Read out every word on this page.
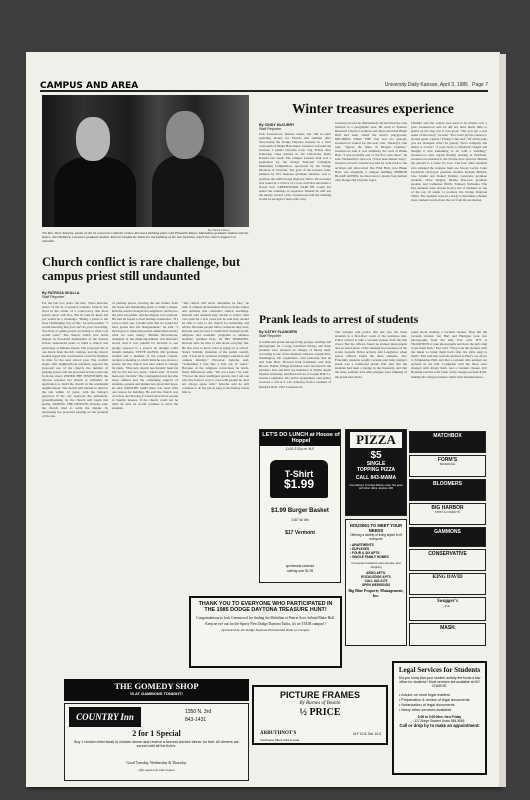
CAMPUS AND AREA	University Daily Kansan, April 3, 1985 Page 7
By David Kelsey
The Rev. Vince Krische, pastor of the St. Lawrence Catholic Center, discusses building plans with Elizabeth Mayer, Manhattan graduate student and her fiance, Joel Paddock, Lawrence graduate student. Krische headed the battle for the building of the new facilities, which the church league is to maintain.
Church conflict is rare challenge, but campus priest still undaunted
By PATRICIA SKALLA
Staff Reporter
For the last two years, the Rev. Vince Krische, pastor of the St. Lawrence Catholic Church, has lived in the center of a controversy that most priests never will face. But he said he knew his job would be a challenge. "Being a priest is the most challenging way of life," he said recently. "I would knowing that you can't do your own thing. You have to guide people according to what God would want." The church, which now holds masses in Woodruff Auditorium of the Kansas Union, announced plans to build a church and parsonage at Indiana streets. The proposed site is one block from the KU campus, and the church leaders hoped that construction would be finished in time for the next school year. The conflict began after neighborhood residents opposed the proposed use of the church, the number of parking spaces and the proposed access to the site from the street. UNDER THE INVENTORY, the diocese reached last month to withdraw its application to build the church in the residential neighborhood. The church still intends to build at the site within 12 years, with the bishop's approval. If the city approves the settlement, groundbreaking for the church will begin this spring. DURING THE DISPUTE, Krische said, the church tried to settle the dispute by decreasing the proposed parking on the grounds of the site.
of parking places, moving the site farther from the street and eliminating plans to build a chapel. Krische said he thought the neighbors' reaction to the plan was unfair, and the dispute was resolved. He said he hoped to heal feelings somewhat. "If I were to hate one, I would wish that we would not have gotten into the disagreement," he said. "I had hoped to think that people understand exactly what we were doing." Marilee Brownstone, chairman of the multi-department and Krische's board, said it was painful for Krische to see people opposed to a project he thought could benefit students. STEVE ALESSI, KU graduate student and a member of the parish council, recalled a meeting at which Krische was shown a poster, but the church was later asked to change its plans. "This new church has literally been his life for the last two years," Alessi said. "It hasn't been easy for him." The congregation has become more unified and the continuing support of students, parents and alumni has given him hope, he said. KRISCHE SAID there was more than one reason for building. He said the church was crowded, and moving it would serve more people at Sunday masses. If the church could not be built, he said, he would continue to serve the students.
"The church will never determine its fate," he said. A campus environment often provides values and opinions that contradict church teachings. Krische said students may decide to follow their own path for a few years but he said they should be able to turn to the church for leadership and advice. Because people follow someone they trust, Krische said, he tries to build trust through social, religious and academic programs to enhance students' spiritual lives. IN HIS SERMONS, Krische said, he tries to talk about everyday life. He also tries to know what is going on at school. Nancy Schmitt, chairman of the parish council, said, "I feel he is a pioneer in higher education and campus ministry." However, Krische said, "Sometimes I feel like a fish out of water." Because of the religious convictions he holds, many differences arise. "I'm not a hero," he said. "I'm not the most intelligent person, but I am one who has found a way to cope with people he does not always agree with." Krische said he will continue to do his job as long as the bishop wants him to.
Winter treasures experience
By CINDY McCURRY
Staff Reporter
Jack Greenwood, Denver senior, has 100 in extra spending money for Florida this summer after discovering the Dodge Daytona treasure in a river wall south of Blake Hall annex. Greenwood found the treasure, a plastic Chrysler Corp. bag, Friday after following clues printed in the University Daily Kansan last week. The campus treasure hunt was a promotion by the Dodge National Collegiate Marketing Competition, sponsored by the Dodge Division of Chrysler. The goal of the treasure hunt, planned by five business graduate students, was to promote the 1985 Dodge Daytona Turbo. The treasure was found in a crevice of a rock wall that surrounds a flower bed. GREENWOOD SAID HE would not spend the winnings as expected. Instead he will use the money toward a trip. Greenwood said the winning would be enough to help with a trip.
Greenwood said he immediately decided that the clue referred to a geographic area. He went to Spencer Research Library's archives and discovered that Blake Hall had been called the devil's playground. DECIDING THAT THE clue was too general, Greenwood waited for the next clue. Tuesday's clue said, "Ignore the lilies of Blayser Grenley." Greenwood said it was definitely the wall of Blake Hall. "I was probably one of the first ones there," he said. Wednesday's clue was "It has been buried away," Greenwood said. Greenwood said he went back to the archives and discovered that Flint Hall, now Blake Hall, was originally a campus building. BEHIND BLAKE ANNEX, he discovered a plastic bag marked with Dodge and Chrysler logos.
Palumbi said the walled area used to be turned over a year. Greenwood said he did not have much time to spend on the bag, but it was good. "Oh, you get a real sense of discovery," he said. "You won't get the chance to do that again, I guess." Friday's clue said, "Of all the pain you are strongest. Don't be greedy. Two's company and three's a crowd." "I went back to Danforth Chapel and thought it had something to do with a wedding," Greenwood said. Again finding nothing at Danforth, Greenwood returned to the Prairie Acre placard. Behind the placard is a stone for love. The four other students who planned the treasure hunt are Stacey Lecky, Luke Upchurch, first-year graduate student, Kristen Ballard, Lise Schiltz and Daniel Paddox, Lawrence graduate students. Dave Wegley, Olathe first-year graduate student, and Catherine Welch, Tomsed, Nebraska. The five students were chosen from a list of students as one of the top 10 teams to promote the Dodge Daytona Turbo. The students were in a study to determine whether more students learn about the car from the promotion.
Prank leads to arrest of students
By KATHY FLANDERS
Staff Reporter
A traditional prank among living groups, stealing bell photographs for a song, backfired Friday, and three students were arrested on charges of felony theft, according to one of the students' advisers. Joseph Parr, Washington, DC sophomore, said yesterday that he and John Hart, Howard Park freshman, and Pete Brown, Prairie Village freshman were involved in the incident. Parr and Hart are members of Sigma Alpha Epsilon fraternity, and Brown lives at Joseph Hall. Lt. Jeanne Longhofer, KU police spokesman, said police received a call at 2 a.m. Saturday from a resident of Dunford Hall, 1301 Louisiana St.
The resident told police that she saw the three students in a first-floor room of the residence hall. Police arrived to take a vacuum cleaner from the hall closet. But the officers found no framed photographs and an aerial photo of the students in possession of the stolen vacuum. Police arrived, said Longhofer, when police officers found the three students. Two Fraternity students sought vacuum said their pledge's prank was a traditional prank. Parr said that the students had been a pledge in the fraternity, and that the three students and other pledges were thinking of the prank and others.
joked about stealing a vacuum cleaner. They left the vacuum cleaner, but Hart and Harrigan took two photographs from the hall, Parr said. IT'S A TRADITION to take photographs and have the girls sing to get them back," Parr said. "They took the pictures with the intent to bring them back after the girls sang to them." Parr said that took the pictures to Hart's car, drove to Templeman Hall, and met a resident who pointed out pictures in the hall. Longhofer said the three were charged with felony theft, and a vacuum cleaner. KU Housing said the total value of the charges exceeds $150, making the charges felonies rather than misdemeanors.
LET'S DO LUNCH at House of Hoppel
11:00-2:30 p.m. M-F
T-Shirt
$1.99
$1.99 Burger Basket
2167 W. 6th
$17 Vermont
sportswear closeout
nothing over $1.99
PIZZA
$5
SINGLE
TOPPING PIZZA
CALL 843-MAMA
Fast delivery in limited delivery area. Not good with other offers. Expires 4/30
HOUSING TO MEET YOUR NEEDS
Offering a variety of living styles to fit everyone
• APARTMENTS
• DUPLEXES
• FOUR & SIX APTS
• SINGLE FAMILY HOMES
Convenient locations near campus, and shopping
ARGO APTS.
ROCKLEDGE APTS
CALL 842-3175
OPEN WEEKENDS
Big Blue Property Management, Inc.
MATCHBOX
FORM'S
BEVERAGE
BLOOMERS
BIG HARBOR
FIRST ACCIDENTS
GAMMONS
CONSERVATIVE
KING DAVID
Swagger's
Pub
MASK
THANK YOU TO EVERYONE WHO PARTICIPATED IN THE 1985 DODGE DAYTONA TREASURE HUNT!
Congratulations to Jack Greenwood for finding the Medalion at Prairie Acre, behind Blake Hall.
Keep an eye out for the Sporty New Dodge Daytona Turbo, it's on YOUR campus!!
Sponsored by the Dodge Daytona Promotional Team on Campus
THE GOMEDY SHOP
IS AT GAMMONS TONIGHT!
COUNTRY Inn	1350 N. 3rd
843-1431
2 for 1 Special
Buy 1 chicken fried steak or chicken dinner and receive a second chicken dinner for free. All dinners are served with all the fixin's.
Good Tuesday, Wednesday & Thursday
offer good only with coupon
PICTURE FRAMES
By Burnes of Boston
½ PRICE
ARBUTHNOT'S
Southwest Plaza 23rd & Iowa
M-F 10-8, Sat. 10-5
Legal Services for Students
Did you know that your student activity fee funds a law office for students? Most services are available at NO CHARGE:
• Advice on most legal matters
• Preparation & review of legal documents
• Notarization of legal documents
• Many other services available
8:00 to 5:00 Mon. thru Friday
117 Burge Student Union 864-5665
Call or drop by to make an appointment.
